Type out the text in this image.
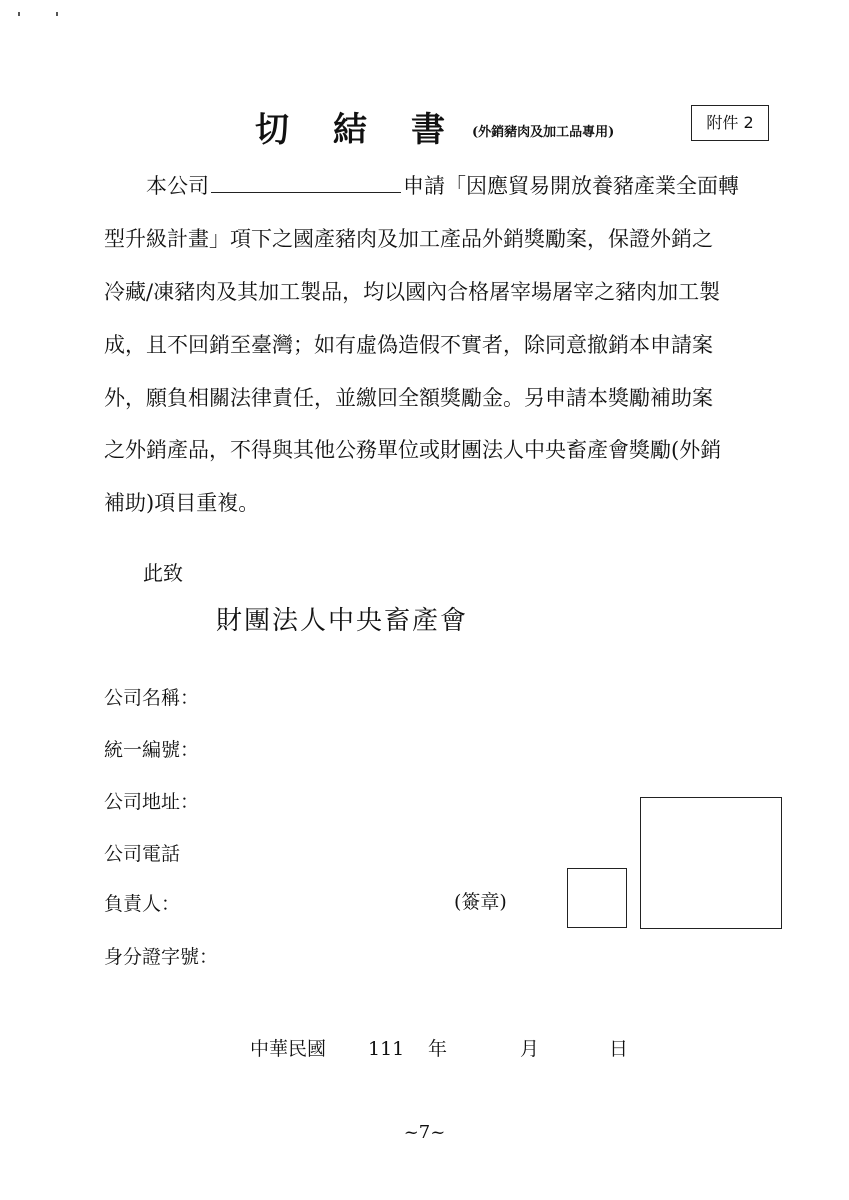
切結書
(外銷豬肉及加工品專用)
附件 2
本公司	申請「因應貿易開放養豬產業全面轉
型升級計畫」項下之國產豬肉及加工產品外銷獎勵案，保證外銷之
冷藏/凍豬肉及其加工製品，均以國內合格屠宰場屠宰之豬肉加工製
成，且不回銷至臺灣；如有虛偽造假不實者，除同意撤銷本申請案
外，願負相關法律責任，並繳回全額獎勵金。另申請本獎勵補助案
之外銷產品，不得與其他公務單位或財團法人中央畜產會獎勵(外銷
補助)項目重複。
此致
財團法人中央畜產會
公司名稱：
統一編號：
公司地址：
公司電話
負責人：	(簽章)
身分證字號：
中華民國 111 年	月	日
~7~
